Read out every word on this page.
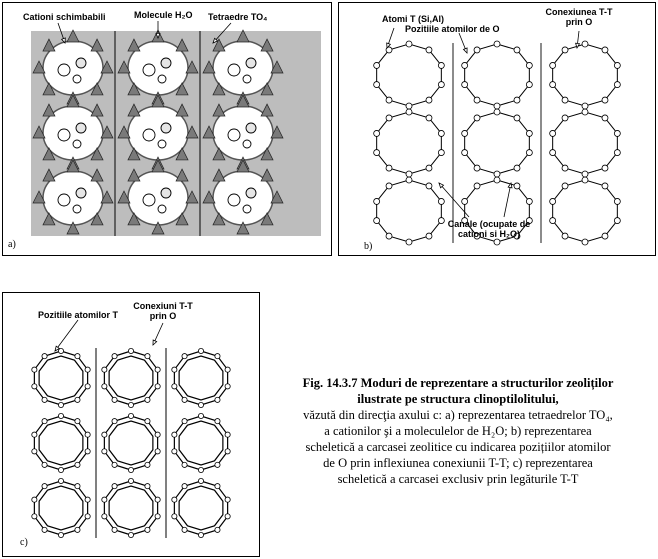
Cationi schimbabili	Molecule H₂O Tetraedre TO₄
a)
Atomi T (Si,Al)
Pozitiile atomilor de O
Conexiunea T-T
prin O
Canale (ocupate de
cationi si H₂O)
b)
Pozitiile atomilor T
Conexiuni T-T
prin O
c)
Fig. 14.3.7 Moduri de reprezentare a structurilor zeoliților
ilustrate pe structura clinoptilolitului,
văzută din direcţia axului c: a) reprezentarea tetraedrelor TO₄,
a cationilor şi a moleculelor de H₂O; b) reprezentarea
scheletică a carcasei zeolitice cu indicarea pozițiilor atomilor
de O prin inflexiunea conexiunii T-T; c) reprezentarea
scheletică a carcasei exclusiv prin legăturile T-T
